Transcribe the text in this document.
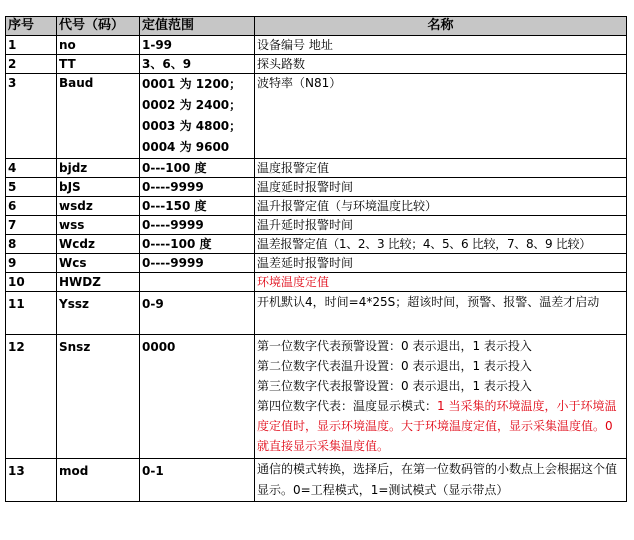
序号	代号（码）	定值范围	名称
1	no	1-99	设备编号 地址

2	TT	3、6、9	探头路数

3	Baud	0001 为 1200；
0002 为 2400；
0003 为 4800；
0004 为 9600	波特率（N81）

4	bjdz	0---100 度	温度报警定值

5	bJS	0----9999	温度延时报警时间

6	wsdz	0---150 度	温升报警定值（与环境温度比较）

7	wss	0----9999	温升延时报警时间

8	Wcdz	0----100 度	温差报警定值（1、2、3 比较；4、5、6 比较，7、8、9 比较）

9	Wcs	0----9999	温差延时报警时间

10	HWDZ		环境温度定值

11	Yssz	0-9	开机默认4，时间=4*25S；超该时间，预警、报警、温差才启动

12	Snsz	0000	第一位数字代表预警设置：0 表示退出，1 表示投入
第二位数字代表温升设置：0 表示退出，1 表示投入
第三位数字代表报警设置：0 表示退出，1 表示投入
第四位数字代表：温度显示模式：1 当采集的环境温度，小于环境温度定值时，显示环境温度。大于环境温度定值，显示采集温度值。0 就直接显示采集温度值。

13	mod	0-1	通信的模式转换，选择后，在第一位数码管的小数点上会根据这个值显示。0=工程模式，1=测试模式（显示带点）
